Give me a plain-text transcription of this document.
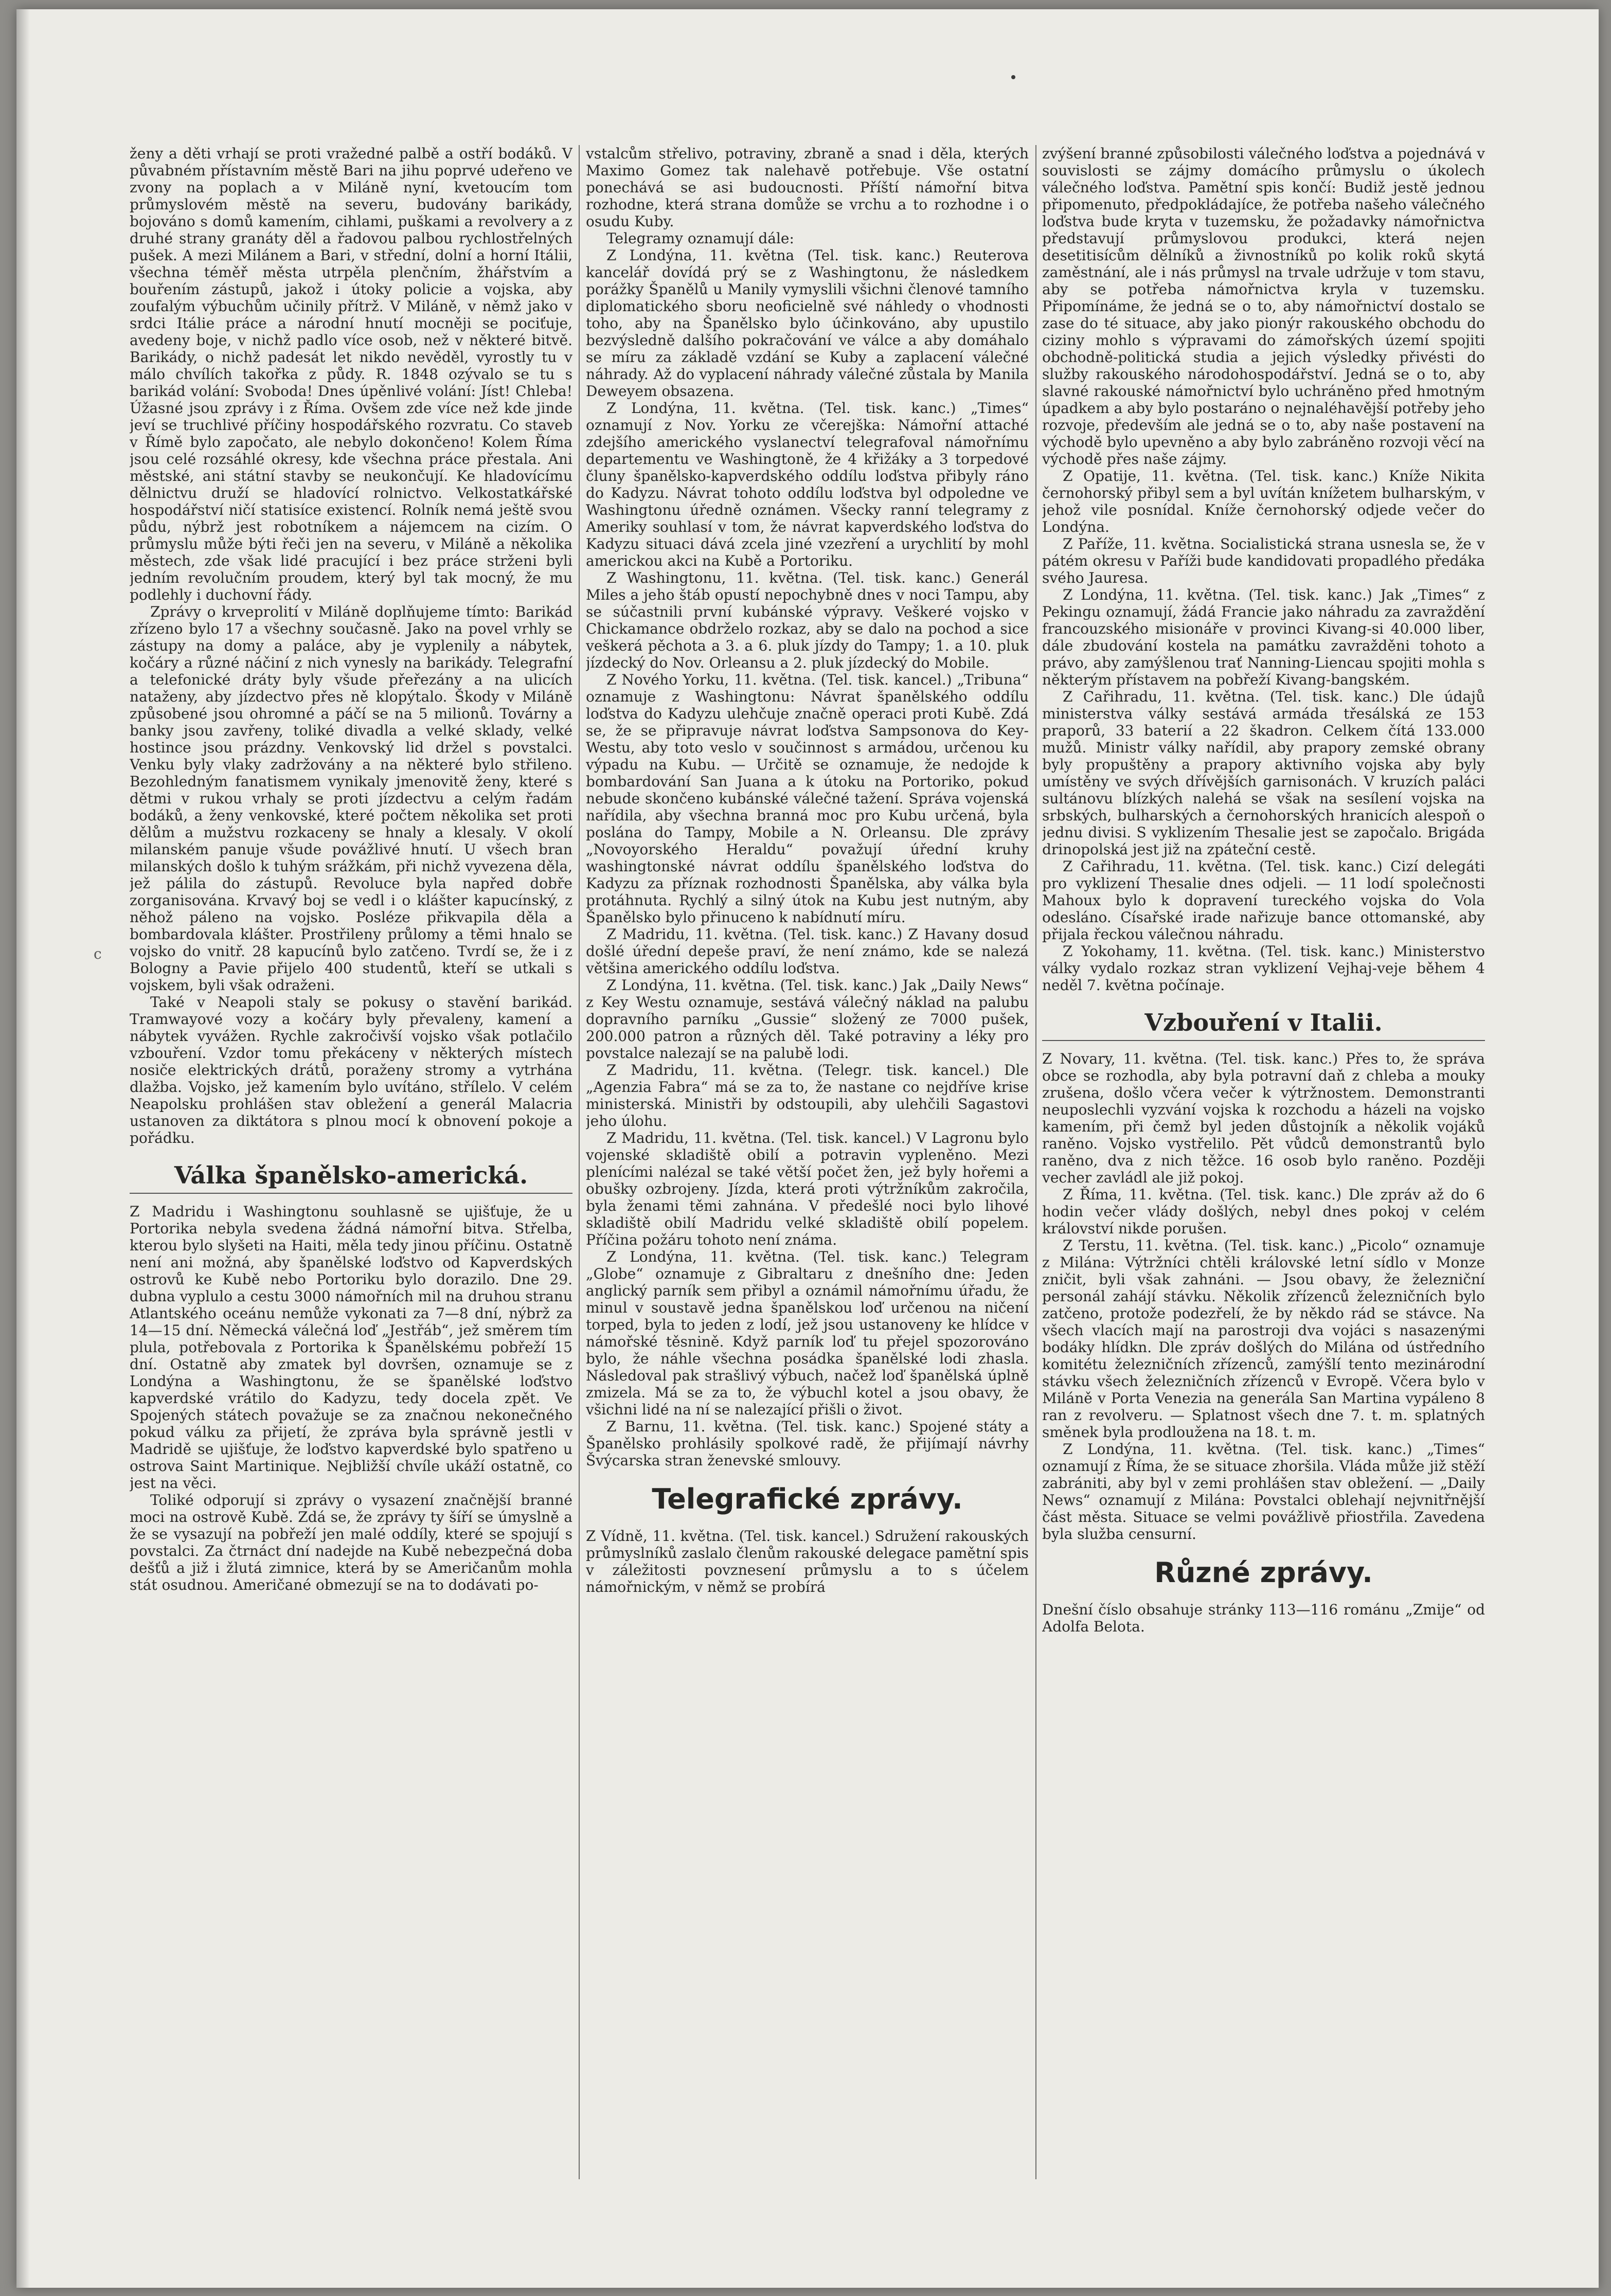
c

ženy a děti vrhají se proti vražedné palbě a ostří bodáků. V půvabném přístavním městě Bari na jihu poprvé udeřeno ve zvony na poplach a v Miláně nyní, kvetoucím tom průmyslovém městě na severu, budovány barikády, bojováno s domů kamením, cihlami, puškami a revolvery a z druhé strany granáty děl a řadovou palbou rychlostřelných pušek. A mezi Milánem a Bari, v střední, dolní a horní Itálii, všechna téměř města utrpěla plenčním, žhářstvím a bouřením zástupů, jakož i útoky policie a vojska, aby zoufalým výbuchům učinily přítrž. V Miláně, v němž jako v srdci Itálie práce a národní hnutí mocněji se pociťuje, avedeny boje, v nichž padlo více osob, než v některé bitvě. Barikády, o nichž padesát let nikdo nevěděl, vyrostly tu v málo chvílích takořka z půdy. R. 1848 ozývalo se tu s barikád volání: Svoboda! Dnes úpěnlivé volání: Jíst! Chleba! Úžasné jsou zprávy i z Říma. Ovšem zde více než kde jinde jeví se truchlivé příčiny hospodářského rozvratu. Co staveb v Římě bylo započato, ale nebylo dokončeno! Kolem Říma jsou celé rozsáhlé okresy, kde všechna práce přestala. Ani městské, ani státní stavby se neukončují. Ke hladovícímu dělnictvu druží se hladovící rolnictvo. Velkostatkářské hospodářství ničí statisíce existencí. Rolník nemá ještě svou půdu, nýbrž jest robotníkem a nájemcem na cizím. O průmyslu může býti řeči jen na severu, v Miláně a několika městech, zde však lidé pracující i bez práce strženi byli jedním revolučním proudem, který byl tak mocný, že mu podlehly i duchovní řády.

Zprávy o krveprolití v Miláně doplňujeme tímto: Barikád zřízeno bylo 17 a všechny současně. Jako na povel vrhly se zástupy na domy a paláce, aby je vyplenily a nábytek, kočáry a různé náčiní z nich vynesly na barikády. Telegrafní a telefonické dráty byly všude přeřezány a na ulicích nataženy, aby jízdectvo přes ně klopýtalo. Škody v Miláně způsobené jsou ohromné a páčí se na 5 milionů. Továrny a banky jsou zavřeny, toliké divadla a velké sklady, velké hostince jsou prázdny. Venkovský lid držel s povstalci. Venku byly vlaky zadržovány a na některé bylo střileno. Bezohledným fanatismem vynikaly jmenovitě ženy, které s dětmi v rukou vrhaly se proti jízdectvu a celým řadám bodáků, a ženy venkovské, které počtem několika set proti dělům a mužstvu rozkaceny se hnaly a klesaly. V okolí milanském panuje všude povážlivé hnutí. U všech bran milanských došlo k tuhým srážkám, při nichž vyvezena děla, jež pálila do zástupů. Revoluce byla napřed dobře zorganisována. Krvavý boj se vedl i o klášter kapucínský, z něhož páleno na vojsko. Posléze přikvapila děla a bombardovala klášter. Prostřileny průlomy a těmi hnalo se vojsko do vnitř. 28 kapucínů bylo zatčeno. Tvrdí se, že i z Bologny a Pavie přijelo 400 studentů, kteří se utkali s vojskem, byli však odraženi.

Také v Neapoli staly se pokusy o stavění barikád. Tramwayové vozy a kočáry byly převaleny, kamení a nábytek vyvážen. Rychle zakročivší vojsko však potlačilo vzbouření. Vzdor tomu překáceny v některých místech nosiče elektrických drátů, poraženy stromy a vytrhána dlažba. Vojsko, jež kamením bylo uvítáno, střílelo. V celém Neapolsku prohlášen stav obležení a generál Malacria ustanoven za diktátora s plnou mocí k obnovení pokoje a pořádku.

Válka španělsko-americká.

Z Madridu i Washingtonu souhlasně se ujišťuje, že u Portorika nebyla svedena žádná námořní bitva. Střelba, kterou bylo slyšeti na Haiti, měla tedy jinou příčinu. Ostatně není ani možná, aby španělské loďstvo od Kapverdských ostrovů ke Kubě nebo Portoriku bylo dorazilo. Dne 29. dubna vyplulo a cestu 3000 námořních mil na druhou stranu Atlantského oceánu nemůže vykonati za 7—8 dní, nýbrž za 14—15 dní. Německá válečná loď „Jestřáb“, jež směrem tím plula, potřebovala z Portorika k Španělskému pobřeží 15 dní. Ostatně aby zmatek byl dovršen, oznamuje se z Londýna a Washingtonu, že se španělské loďstvo kapverdské vrátilo do Kadyzu, tedy docela zpět. Ve Spojených státech považuje se za značnou nekonečného pokud válku za přijetí, že zpráva byla správně jestli v Madridě se ujišťuje, že loďstvo kapverdské bylo spatřeno u ostrova Saint Martinique. Nejbližší chvíle ukáží ostatně, co jest na věci.

Toliké odporují si zprávy o vysazení značnější branné moci na ostrově Kubě. Zdá se, že zprávy ty šíří se úmyslně a že se vysazují na pobřeží jen malé oddíly, které se spojují s povstalci. Za čtrnáct dní nadejde na Kubě nebezpečná doba dešťů a již i žlutá zimnice, která by se Američanům mohla stát osudnou. Američané obmezují se na to dodávati po-

vstalcům střelivo, potraviny, zbraně a snad i děla, kterých Maximo Gomez tak nalehavě potřebuje. Vše ostatní ponechává se asi budoucnosti. Příští námořní bitva rozhodne, která strana domůže se vrchu a to rozhodne i o osudu Kuby.

Telegramy oznamují dále:

Z Londýna, 11. května (Tel. tisk. kanc.) Reuterova kancelář dovídá prý se z Washingtonu, že následkem porážky Španělů u Manily vymyslili všichni členové tamního diplomatického sboru neoficielně své náhledy o vhodnosti toho, aby na Španělsko bylo účinkováno, aby upustilo bezvýsledně dalšího pokračování ve válce a aby domáhalo se míru za základě vzdání se Kuby a zaplacení válečné náhrady. Až do vyplacení náhrady válečné zůstala by Manila Deweyem obsazena.

Z Londýna, 11. května. (Tel. tisk. kanc.) „Times“ oznamují z Nov. Yorku ze včerejška: Námořní attaché zdejšího amerického vyslanectví telegrafoval námořnímu departementu ve Washingtoně, že 4 křižáky a 3 torpedové čluny španělsko-kapverdského oddílu loďstva přibyly ráno do Kadyzu. Návrat tohoto oddílu loďstva byl odpoledne ve Washingtonu úředně oznámen. Všecky ranní telegramy z Ameriky souhlasí v tom, že návrat kapverdského loďstva do Kadyzu situaci dává zcela jiné vzezření a urychlití by mohl americkou akci na Kubě a Portoriku.

Z Washingtonu, 11. května. (Tel. tisk. kanc.) Generál Miles a jeho štáb opustí nepochybně dnes v noci Tampu, aby se súčastnili první kubánské výpravy. Veškeré vojsko v Chickamance obdrželo rozkaz, aby se dalo na pochod a sice veškerá pěchota a 3. a 6. pluk jízdy do Tampy; 1. a 10. pluk jízdecký do Nov. Orleansu a 2. pluk jízdecký do Mobile.

Z Nového Yorku, 11. května. (Tel. tisk. kancel.) „Tribuna“ oznamuje z Washingtonu: Návrat španělského oddílu loďstva do Kadyzu ulehčuje značně operaci proti Kubě. Zdá se, že se připravuje návrat loďstva Sampsonova do Key-Westu, aby toto veslo v součinnost s armádou, určenou ku výpadu na Kubu. — Určitě se oznamuje, že nedojde k bombardování San Juana a k útoku na Portoriko, pokud nebude skončeno kubánské válečné tažení. Správa vojenská nařídila, aby všechna branná moc pro Kubu určená, byla poslána do Tampy, Mobile a N. Orleansu. Dle zprávy „Novoyorského Heraldu“ považují úřední kruhy washingtonské návrat oddílu španělského loďstva do Kadyzu za příznak rozhodnosti Španělska, aby válka byla protáhnuta. Rychlý a silný útok na Kubu jest nutným, aby Španělsko bylo přinuceno k nabídnutí míru.

Z Madridu, 11. května. (Tel. tisk. kanc.) Z Havany dosud došlé úřední depeše praví, že není známo, kde se nalezá většina amerického oddílu loďstva.

Z Londýna, 11. května. (Tel. tisk. kanc.) Jak „Daily News“ z Key Westu oznamuje, sestává válečný náklad na palubu dopravního parníku „Gussie“ složený ze 7000 pušek, 200.000 patron a různých děl. Také potraviny a léky pro povstalce nalezají se na palubě lodi.

Z Madridu, 11. května. (Telegr. tisk. kancel.) Dle „Agenzia Fabra“ má se za to, že nastane co nejdříve krise ministerská. Ministři by odstoupili, aby ulehčili Sagastovi jeho úlohu.

Z Madridu, 11. května. (Tel. tisk. kancel.) V Lagronu bylo vojenské skladiště obilí a potravin vypleněno. Mezi plenícími nalézal se také větší počet žen, jež byly hořemi a obušky ozbrojeny. Jízda, která proti výtržníkům zakročila, byla ženami těmi zahnána. V předešlé noci bylo lihové skladiště obilí Madridu velké skladiště obilí popelem. Příčina požáru tohoto není známa.

Z Londýna, 11. května. (Tel. tisk. kanc.) Telegram „Globe“ oznamuje z Gibraltaru z dnešního dne: Jeden anglický parník sem přibyl a oznámil námořnímu úřadu, že minul v soustavě jedna španělskou loď určenou na ničení torped, byla to jeden z lodí, jež jsou ustanoveny ke hlídce v námořské těsnině. Když parník loď tu přejel spozorováno bylo, že náhle všechna posádka španělské lodi zhasla. Následoval pak strašlivý výbuch, načež loď španělská úplně zmizela. Má se za to, že výbuchl kotel a jsou obavy, že všichni lidé na ní se nalezající přišli o život.

Z Barnu, 11. května. (Tel. tisk. kanc.) Spojené státy a Španělsko prohlásily spolkové radě, že přijímají návrhy Švýcarska stran ženevské smlouvy.

Telegrafické zprávy.

Z Vídně, 11. května. (Tel. tisk. kancel.) Sdružení rakouských průmyslníků zaslalo členům rakouské delegace pamětní spis v záležitosti povznesení průmyslu a to s účelem námořnickým, v němž se probírá

zvýšení branné způsobilosti válečného loďstva a pojednává v souvislosti se zájmy domácího průmyslu o úkolech válečného loďstva. Pamětní spis končí: Budiž jestě jednou připomenuto, předpokládajíce, že potřeba našeho válečného loďstva bude kryta v tuzemsku, že požadavky námořnictva představují průmyslovou produkci, která nejen desetitisícům dělníků a živnostníků po kolik roků skytá zaměstnání, ale i nás průmysl na trvale udržuje v tom stavu, aby se potřeba námořnictva kryla v tuzemsku. Připomínáme, že jedná se o to, aby námořnictví dostalo se zase do té situace, aby jako pionýr rakouského obchodu do ciziny mohlo s výpravami do zámořských území spojiti obchodně-politická studia a jejich výsledky přivésti do služby rakouského národohospodářství. Jedná se o to, aby slavné rakouské námořnictví bylo uchráněno před hmotným úpadkem a aby bylo postaráno o nejnaléhavější potřeby jeho rozvoje, především ale jedná se o to, aby naše postavení na východě bylo upevněno a aby bylo zabráněno rozvoji věcí na východě přes naše zájmy.

Z Opatije, 11. května. (Tel. tisk. kanc.) Kníže Nikita černohorský přibyl sem a byl uvítán knížetem bulharským, v jehož vile posnídal. Kníže černohorský odjede večer do Londýna.

Z Paříže, 11. května. Socialistická strana usnesla se, že v pátém okresu v Paříži bude kandidovati propadlého předáka svého Jauresa.

Z Londýna, 11. května. (Tel. tisk. kanc.) Jak „Times“ z Pekingu oznamují, žádá Francie jako náhradu za zavraždění francouzského misionáře v provinci Kivang-si 40.000 liber, dále zbudování kostela na památku zavražděni tohoto a právo, aby zamýšlenou trať Nanning-Liencau spojiti mohla s některým přístavem na pobřeží Kivang-bangském.

Z Cařihradu, 11. května. (Tel. tisk. kanc.) Dle údajů ministerstva války sestává armáda třesálská ze 153 praporů, 33 baterií a 22 škadron. Celkem čítá 133.000 mužů. Ministr války nařídil, aby prapory zemské obrany byly propuštěny a prapory aktivního vojska aby byly umístěny ve svých dřívějších garnisonách. V kruzích paláci sultánovu blízkých nalehá se však na sesílení vojska na srbských, bulharských a černohorských hranicích alespoň o jednu divisi. S vyklizením Thesalie jest se započalo. Brigáda drinopolská jest již na zpáteční cestě.

Z Cařihradu, 11. května. (Tel. tisk. kanc.) Cizí delegáti pro vyklizení Thesalie dnes odjeli. — 11 lodí společnosti Mahoux bylo k dopravení tureckého vojska do Vola odesláno. Císařské irade nařizuje bance ottomanské, aby přijala řeckou válečnou náhradu.

Z Yokohamy, 11. května. (Tel. tisk. kanc.) Ministerstvo války vydalo rozkaz stran vyklizení Vejhaj-veje během 4 neděl 7. května počínaje.

Vzbouření v Italii.

Z Novary, 11. května. (Tel. tisk. kanc.) Přes to, že správa obce se rozhodla, aby byla potravní daň z chleba a mouky zrušena, došlo včera večer k výtržnostem. Demonstranti neuposlechli vyzvání vojska k rozchodu a házeli na vojsko kamením, při čemž byl jeden důstojník a několik vojáků raněno. Vojsko vystřelilo. Pět vůdců demonstrantů bylo raněno, dva z nich těžce. 16 osob bylo raněno. Později vecher zavládl ale již pokoj.

Z Říma, 11. května. (Tel. tisk. kanc.) Dle zpráv až do 6 hodin večer vlády došlých, nebyl dnes pokoj v celém království nikde porušen.

Z Terstu, 11. května. (Tel. tisk. kanc.) „Picolo“ oznamuje z Milána: Výtržníci chtěli královské letní sídlo v Monze zničit, byli však zahnáni. — Jsou obavy, že železniční personál zahájí stávku. Několik zřízenců železničních bylo zatčeno, protože podezřelí, že by někdo rád se stávce. Na všech vlacích mají na parostroji dva vojáci s nasazenými bodáky hlídkn. Dle zpráv došlých do Milána od ústředního komitétu železničních zřízenců, zamýšlí tento mezinárodní stávku všech železničních zřízenců v Evropě. Včera bylo v Miláně v Porta Venezia na generála San Martina vypáleno 8 ran z revolveru. — Splatnost všech dne 7. t. m. splatných směnek byla prodloužena na 18. t. m.

Z Londýna, 11. května. (Tel. tisk. kanc.) „Times“ oznamují z Říma, že se situace zhoršila. Vláda může již stěží zabrániti, aby byl v zemi prohlášen stav obležení. — „Daily News“ oznamují z Milána: Povstalci oblehají nejvnitřnější část města. Situace se velmi povážlivě přiostřila. Zavedena byla služba censurní.

Různé zprávy.

Dnešní číslo obsahuje stránky 113—116 románu „Zmije“ od Adolfa Belota.
